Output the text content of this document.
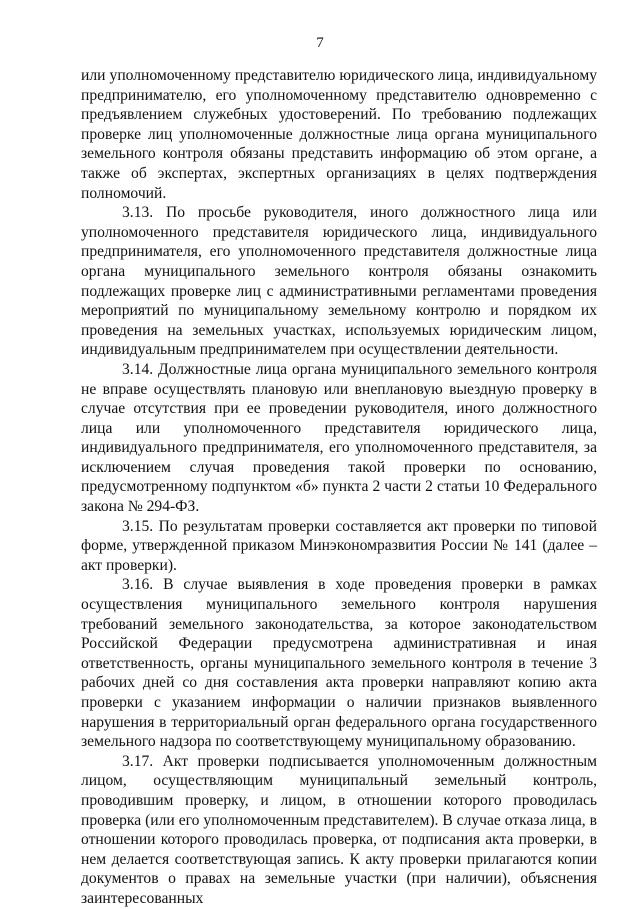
7

или уполномоченному представителю юридического лица, индивидуальному предпринимателю, его уполномоченному представителю одновременно с предъявлением служебных удостоверений. По требованию подлежащих проверке лиц уполномоченные должностные лица органа муниципального земельного контроля обязаны представить информацию об этом органе, а также об экспертах, экспертных организациях в целях подтверждения полномочий.

3.13. По просьбе руководителя, иного должностного лица или уполномоченного представителя юридического лица, индивидуального предпринимателя, его уполномоченного представителя должностные лица органа муниципального земельного контроля обязаны ознакомить подлежащих проверке лиц с административными регламентами проведения мероприятий по муниципальному земельному контролю и порядком их проведения на земельных участках, используемых юридическим лицом, индивидуальным предпринимателем при осуществлении деятельности.

3.14. Должностные лица органа муниципального земельного контроля не вправе осуществлять плановую или внеплановую выездную проверку в случае отсутствия при ее проведении руководителя, иного должностного лица или уполномоченного представителя юридического лица, индивидуального предпринимателя, его уполномоченного представителя, за исключением случая проведения такой проверки по основанию, предусмотренному подпунктом «б» пункта 2 части 2 статьи 10 Федерального закона № 294-ФЗ.

3.15. По результатам проверки составляется акт проверки по типовой форме, утвержденной приказом Минэкономразвития России № 141 (далее – акт проверки).

3.16. В случае выявления в ходе проведения проверки в рамках осуществления муниципального земельного контроля нарушения требований земельного законодательства, за которое законодательством Российской Федерации предусмотрена административная и иная ответственность, органы муниципального земельного контроля в течение 3 рабочих дней со дня составления акта проверки направляют копию акта проверки с указанием информации о наличии признаков выявленного нарушения в территориальный орган федерального органа государственного земельного надзора по соответствующему муниципальному образованию.

3.17. Акт проверки подписывается уполномоченным должностным лицом, осуществляющим муниципальный земельный контроль, проводившим проверку, и лицом, в отношении которого проводилась проверка (или его уполномоченным представителем). В случае отказа лица, в отношении которого проводилась проверка, от подписания акта проверки, в нем делается соответствующая запись. К акту проверки прилагаются копии документов о правах на земельные участки (при наличии), объяснения заинтересованных
